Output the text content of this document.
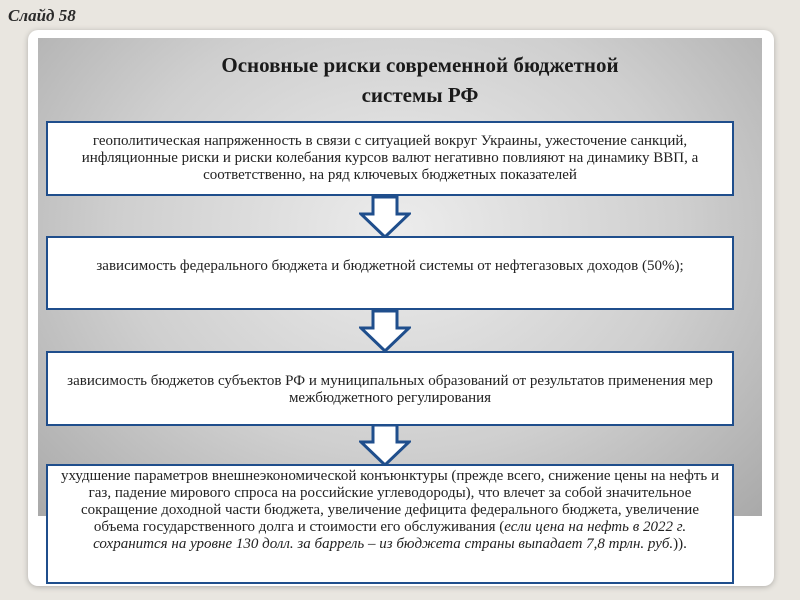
Слайд 58
Основные риски современной бюджетной
системы РФ
геополитическая напряженность в связи с ситуацией вокруг Украины, ужесточение санкций, инфляционные риски и риски колебания курсов валют негативно повлияют на динамику ВВП, а соответственно, на ряд ключевых бюджетных показателей
зависимость федерального бюджета и бюджетной системы от нефтегазовых доходов (50%);
зависимость бюджетов субъектов РФ и муниципальных образований от результатов применения мер межбюджетного регулирования
ухудшение параметров внешнеэкономической конъюнктуры (прежде всего, снижение цены на нефть и газ, падение мирового спроса на российские углеводороды), что влечет за собой значительное сокращение доходной части бюджета, увеличение дефицита федерального бюджета, увеличение объема государственного долга и стоимости его обслуживания (если цена на нефть в 2022 г. сохранится на уровне 130 долл. за баррель – из бюджета страны выпадает 7,8 трлн. руб.)).
